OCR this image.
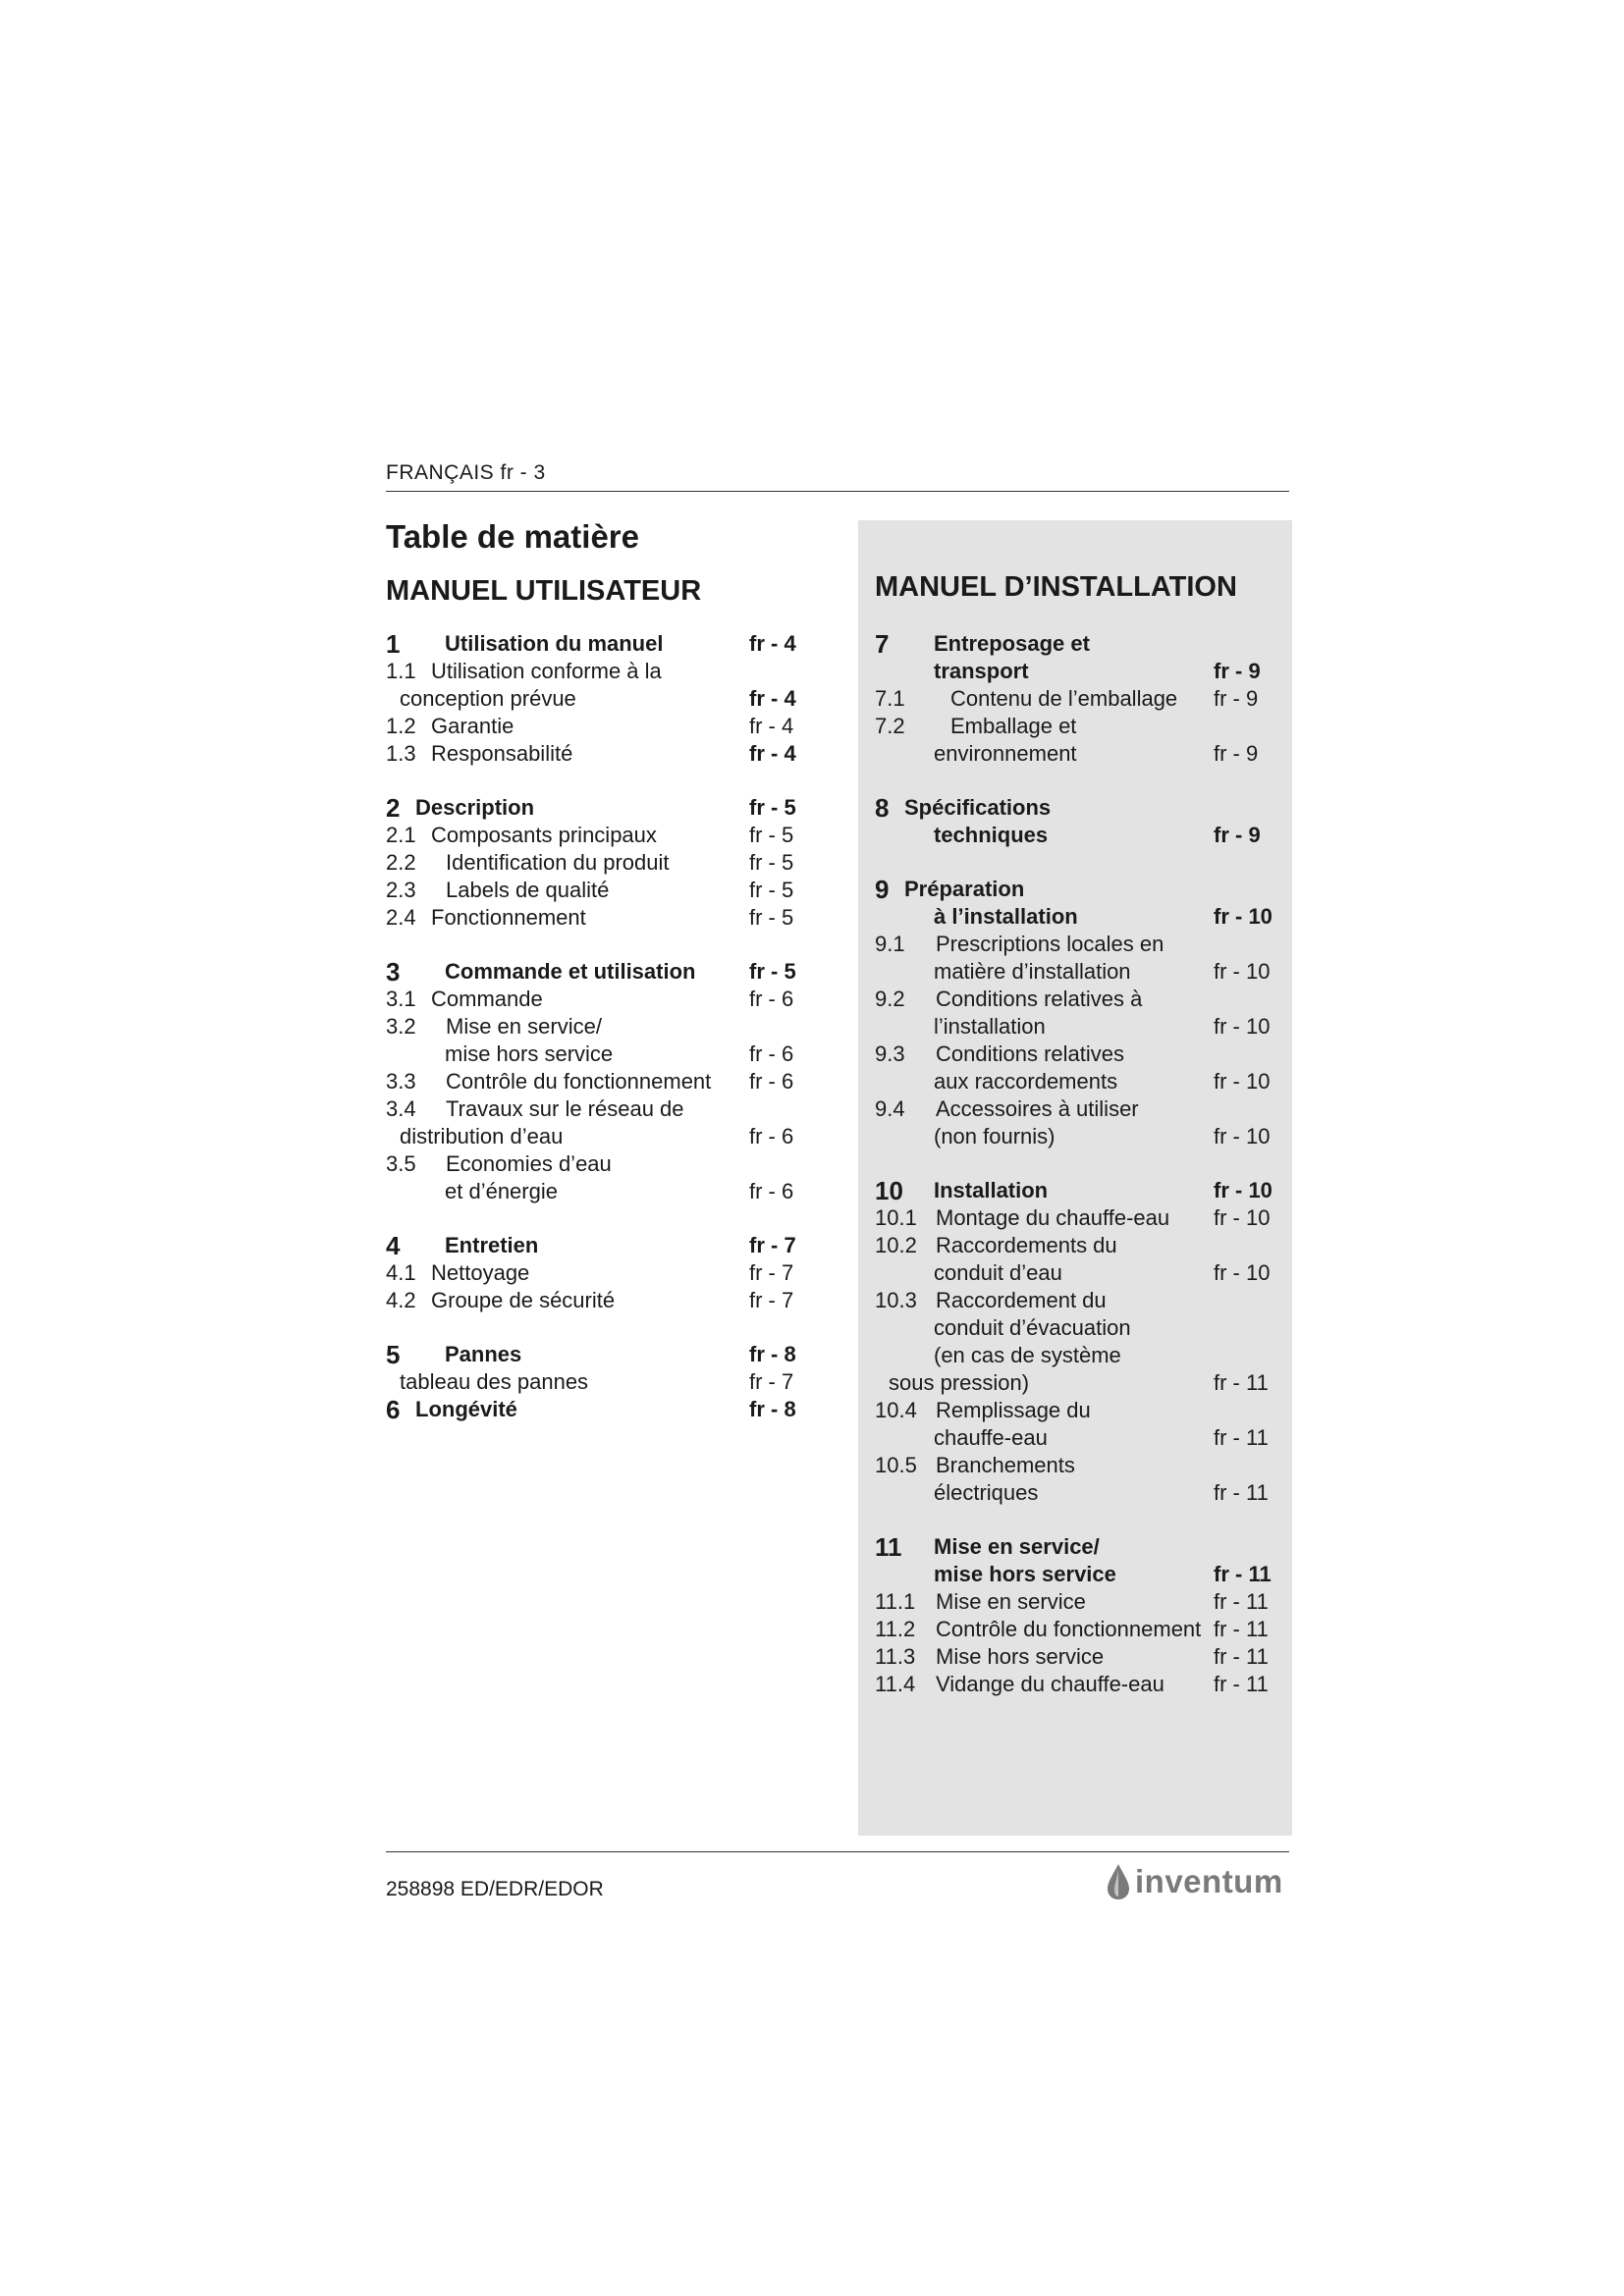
FRANÇAIS fr - 3
Table de matière
MANUEL UTILISATEUR	MANUEL D’INSTALLATION
1 Utilisation du manuel	fr - 4
1.1 Utilisation conforme à la
conception prévue	fr - 4
1.2 Garantie	fr - 4
1.3 Responsabilité	fr - 4
2 Description	fr - 5
2.1 Composants principaux	fr - 5
2.2 Identification du produit	fr - 5
2.3 Labels de qualité	fr - 5
2.4 Fonctionnement	fr - 5
3 Commande et utilisation fr - 5
3.1 Commande	fr - 6
3.2 Mise en service/
mise hors service	fr - 6
3.3 Contrôle du fonctionnement fr - 6
3.4 Travaux sur le réseau de
distribution d’eau	fr - 6
3.5 Economies d’eau
et d’énergie	fr - 6
4 Entretien	fr - 7
4.1 Nettoyage	fr - 7
4.2 Groupe de sécurité	fr - 7
5 Pannes	fr - 8
tableau des pannes	fr - 7
6 Longévité	fr - 8
7 Entreposage et
transport	fr - 9
7.1 Contenu de l’emballage fr - 9
7.2 Emballage et
environnement	fr - 9
8 Spécifications
techniques	fr - 9
9 Préparation
à l’installation	fr - 10
9.1 Prescriptions locales en
matière d’installation	fr - 10
9.2 Conditions relatives à
l’installation	fr - 10
9.3 Conditions relatives
aux raccordements	fr - 10
9.4 Accessoires à utiliser
(non fournis)	fr - 10
10 Installation	fr - 10
10.1 Montage du chauffe-eau fr - 10
10.2 Raccordements du
conduit d’eau	fr - 10
10.3 Raccordement du
conduit d’évacuation
(en cas de système
sous pression)	fr - 11
10.4 Remplissage du
chauffe-eau	fr - 11
10.5 Branchements
électriques	fr - 11
11 Mise en service/
mise hors service	fr - 11
11.1 Mise en service	fr - 11
11.2 Contrôle du fonctionnement fr - 11
11.3 Mise hors service	fr - 11
11.4 Vidange du chauffe-eau fr - 11
258898 ED/EDR/EDOR	inventum
